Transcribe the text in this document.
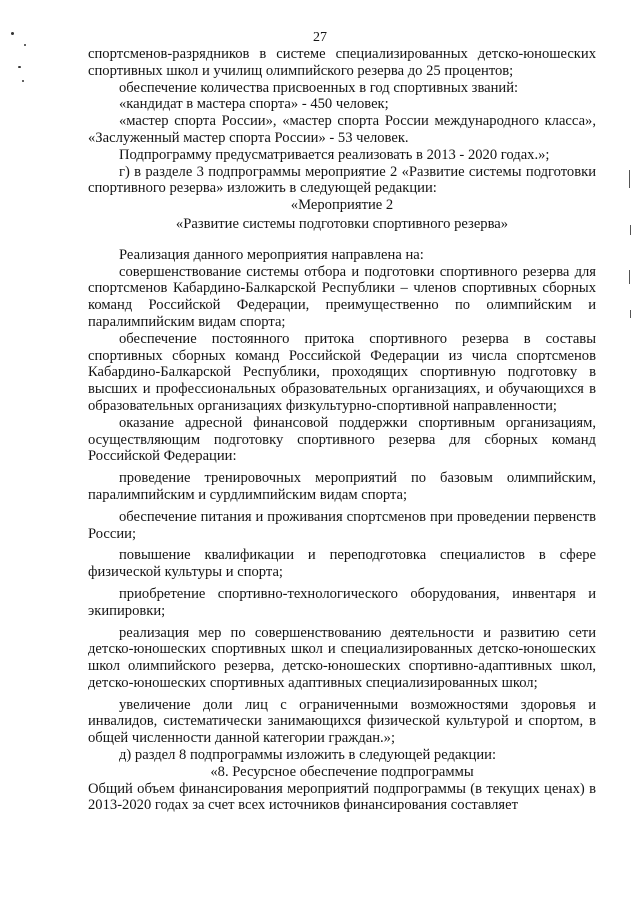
27

спортсменов-разрядников в системе специализированных детско-юношеских спортивных школ и училищ олимпийского резерва до 25 процентов;

обеспечение количества присвоенных в год спортивных званий:

«кандидат в мастера спорта» - 450 человек;

«мастер спорта России», «мастер спорта России международного класса», «Заслуженный мастер спорта России» - 53 человек.

Подпрограмму предусматривается реализовать в 2013 - 2020 годах.»;

г) в разделе 3 подпрограммы мероприятие 2 «Развитие системы подготовки спортивного резерва» изложить в следующей редакции:

«Мероприятие 2

«Развитие системы подготовки спортивного резерва»

Реализация данного мероприятия направлена на:

совершенствование системы отбора и подготовки спортивного резерва для спортсменов Кабардино-Балкарской Республики – членов спортивных сборных команд Российской Федерации, преимущественно по олимпийским и паралимпийским видам спорта;

обеспечение постоянного притока спортивного резерва в составы спортивных сборных команд Российской Федерации из числа спортсменов Кабардино-Балкарской Республики, проходящих спортивную подготовку в высших и профессиональных образовательных организациях, и обучающихся в образовательных организациях физкультурно-спортивной направленности;

оказание адресной финансовой поддержки спортивным организациям, осуществляющим подготовку спортивного резерва для сборных команд Российской Федерации:

проведение тренировочных мероприятий по базовым олимпийским, паралимпийским и сурдлимпийским видам спорта;

обеспечение питания и проживания спортсменов при проведении первенств России;

повышение квалификации и переподготовка специалистов в сфере физической культуры и спорта;

приобретение спортивно-технологического оборудования, инвентаря и экипировки;

реализация мер по совершенствованию деятельности и развитию сети детско-юношеских спортивных школ и специализированных детско-юношеских школ олимпийского резерва, детско-юношеских спортивно-адаптивных школ, детско-юношеских спортивных адаптивных специализированных школ;

увеличение доли лиц с ограниченными возможностями здоровья и инвалидов, систематически занимающихся физической культурой и спортом, в общей численности данной категории граждан.»;

д) раздел 8 подпрограммы изложить в следующей редакции:

«8. Ресурсное обеспечение подпрограммы

Общий объем финансирования мероприятий подпрограммы (в текущих ценах) в 2013-2020 годах за счет всех источников финансирования составляет
